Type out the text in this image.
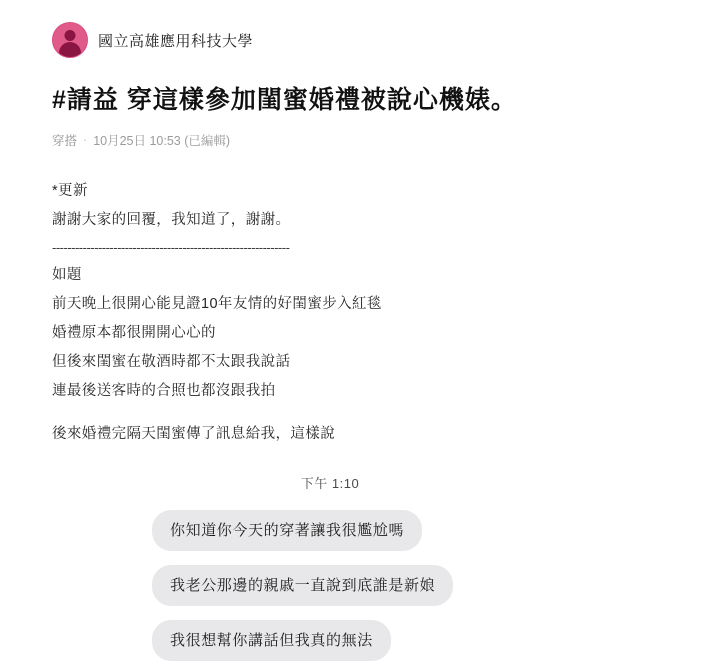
國立高雄應用科技大學
#請益 穿這樣參加閨蜜婚禮被說心機婊。
穿搭 · 10月25日 10:53 (已編輯)
*更新
謝謝大家的回覆，我知道了，謝謝。
--------------------------------------------------------------
如題
前天晚上很開心能見證10年友情的好閨蜜步入紅毯
婚禮原本都很開開心心的
但後來閨蜜在敬酒時都不太跟我說話
連最後送客時的合照也都沒跟我拍
後來婚禮完隔天閨蜜傳了訊息給我，這樣說
下午 1:10
你知道你今天的穿著讓我很尷尬嗎
我老公那邊的親戚一直說到底誰是新娘
我很想幫你講話但我真的無法
